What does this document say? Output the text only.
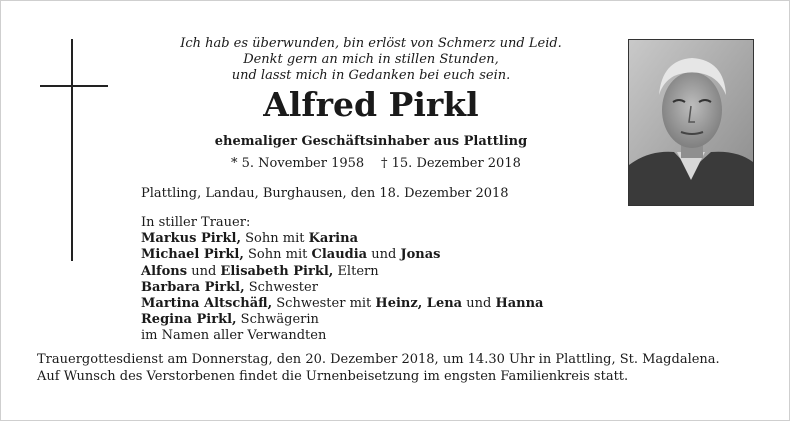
Ich hab es überwunden, bin erlöst von Schmerz und Leid.
Denkt gern an mich in stillen Stunden,
und lasst mich in Gedanken bei euch sein.
Alfred Pirkl
ehemaliger Geschäftsinhaber aus Plattling
* 5. November 1958 † 15. Dezember 2018
Plattling, Landau, Burghausen, den 18. Dezember 2018
In stiller Trauer:
Markus Pirkl, Sohn mit Karina
Michael Pirkl, Sohn mit Claudia und Jonas
Alfons und Elisabeth Pirkl, Eltern
Barbara Pirkl, Schwester
Martina Altschäfl, Schwester mit Heinz, Lena und Hanna
Regina Pirkl, Schwägerin
im Namen aller Verwandten
Trauergottesdienst am Donnerstag, den 20. Dezember 2018, um 14.30 Uhr in Plattling, St. Magdalena.
Auf Wunsch des Verstorbenen findet die Urnenbeisetzung im engsten Familienkreis statt.
